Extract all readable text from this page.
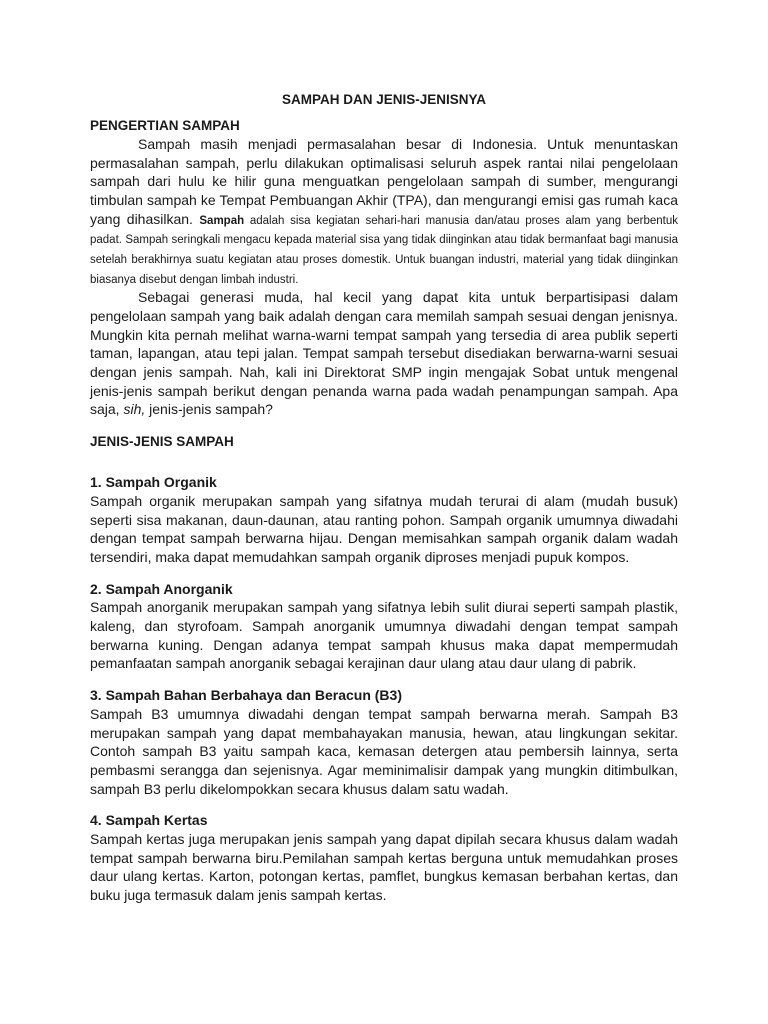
SAMPAH DAN JENIS-JENISNYA

PENGERTIAN SAMPAH

Sampah masih menjadi permasalahan besar di Indonesia. Untuk menuntaskan permasalahan sampah, perlu dilakukan optimalisasi seluruh aspek rantai nilai pengelolaan sampah dari hulu ke hilir guna menguatkan pengelolaan sampah di sumber, mengurangi timbulan sampah ke Tempat Pembuangan Akhir (TPA), dan mengurangi emisi gas rumah kaca yang dihasilkan. Sampah adalah sisa kegiatan sehari-hari manusia dan/atau proses alam yang berbentuk padat. Sampah seringkali mengacu kepada material sisa yang tidak diinginkan atau tidak bermanfaat bagi manusia setelah berakhirnya suatu kegiatan atau proses domestik. Untuk buangan industri, material yang tidak diinginkan biasanya disebut dengan limbah industri.

Sebagai generasi muda, hal kecil yang dapat kita untuk berpartisipasi dalam pengelolaan sampah yang baik adalah dengan cara memilah sampah sesuai dengan jenisnya. Mungkin kita pernah melihat warna-warni tempat sampah yang tersedia di area publik seperti taman, lapangan, atau tepi jalan. Tempat sampah tersebut disediakan berwarna-warni sesuai dengan jenis sampah. Nah, kali ini Direktorat SMP ingin mengajak Sobat untuk mengenal jenis-jenis sampah berikut dengan penanda warna pada wadah penampungan sampah. Apa saja, sih, jenis-jenis sampah?

JENIS-JENIS SAMPAH

1. Sampah Organik

Sampah organik merupakan sampah yang sifatnya mudah terurai di alam (mudah busuk) seperti sisa makanan, daun-daunan, atau ranting pohon. Sampah organik umumnya diwadahi dengan tempat sampah berwarna hijau. Dengan memisahkan sampah organik dalam wadah tersendiri, maka dapat memudahkan sampah organik diproses menjadi pupuk kompos.

2. Sampah Anorganik

Sampah anorganik merupakan sampah yang sifatnya lebih sulit diurai seperti sampah plastik, kaleng, dan styrofoam. Sampah anorganik umumnya diwadahi dengan tempat sampah berwarna kuning. Dengan adanya tempat sampah khusus maka dapat mempermudah pemanfaatan sampah anorganik sebagai kerajinan daur ulang atau daur ulang di pabrik.

3. Sampah Bahan Berbahaya dan Beracun (B3)

Sampah B3 umumnya diwadahi dengan tempat sampah berwarna merah. Sampah B3 merupakan sampah yang dapat membahayakan manusia, hewan, atau lingkungan sekitar. Contoh sampah B3 yaitu sampah kaca, kemasan detergen atau pembersih lainnya, serta pembasmi serangga dan sejenisnya. Agar meminimalisir dampak yang mungkin ditimbulkan, sampah B3 perlu dikelompokkan secara khusus dalam satu wadah.

4. Sampah Kertas

Sampah kertas juga merupakan jenis sampah yang dapat dipilah secara khusus dalam wadah tempat sampah berwarna biru.Pemilahan sampah kertas berguna untuk memudahkan proses daur ulang kertas. Karton, potongan kertas, pamflet, bungkus kemasan berbahan kertas, dan buku juga termasuk dalam jenis sampah kertas.
